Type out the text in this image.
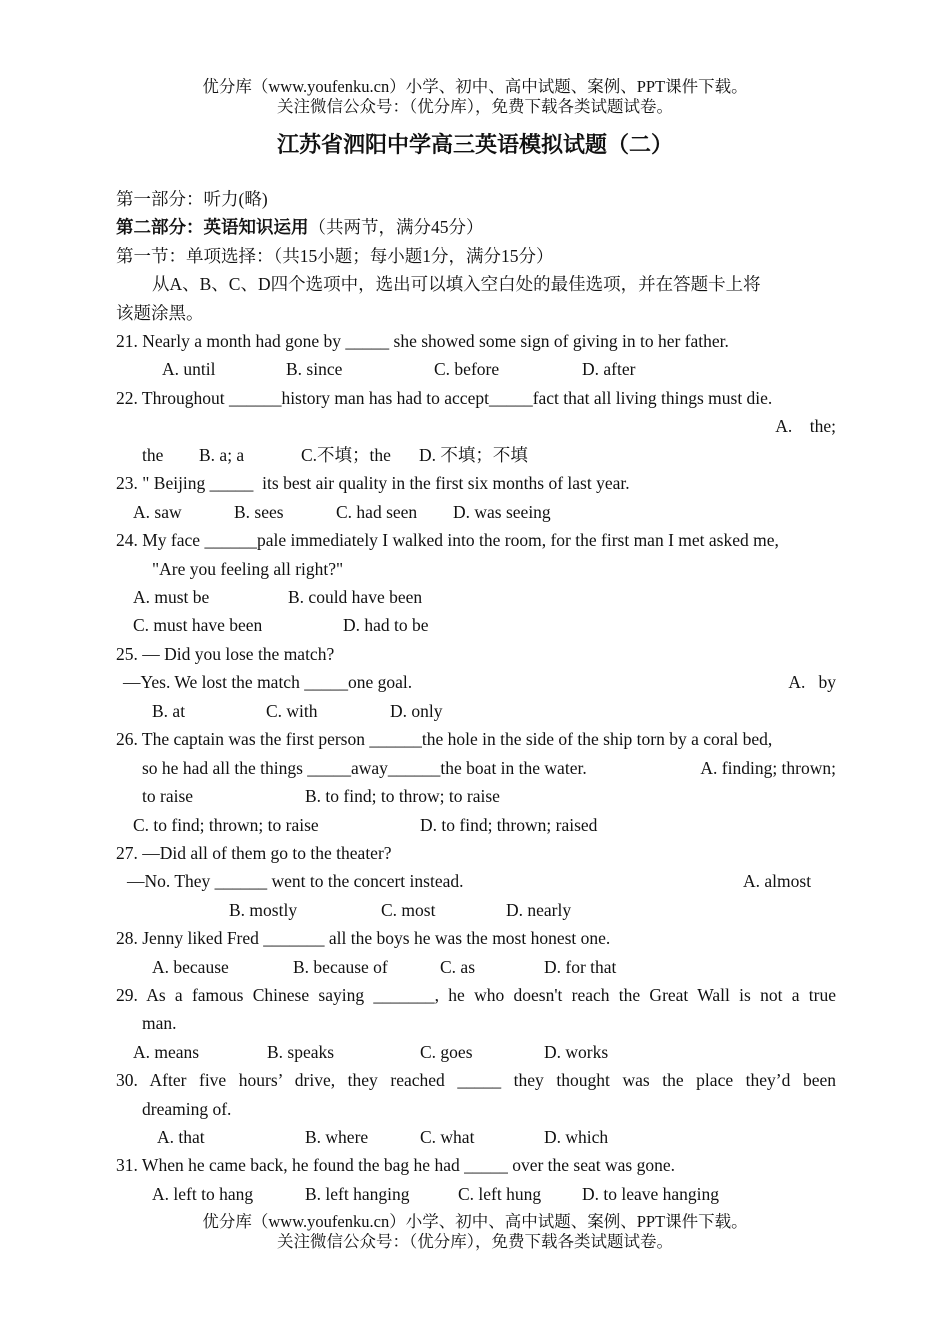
优分库（www.youfenku.cn）小学、初中、高中试题、案例、PPT课件下载。
关注微信公众号：（优分库），免费下载各类试题试卷。
江苏省泗阳中学高三英语模拟试题（二）
第一部分：听力(略)
第二部分：英语知识运用（共两节，满分45分）
第一节：单项选择：（共15小题；每小题1分，满分15分）
从A、B、C、D四个选项中，选出可以填入空白处的最佳选项，并在答题卡上将
该题涂黑。
21. Nearly a month had gone by _____ she showed some sign of giving in to her father.
A. until	B. since	C. before	D. after
22. Throughout ______history man has had to accept_____fact that all living things must die.
A.    the;
the B. a; a	C.不填；the D. 不填；不填
23. " Beijing _____  its best air quality in the first six months of last year.
A. saw	B. sees	C. had seen D. was seeing
24. My face ______pale immediately I walked into the room, for the first man I met asked me,
"Are you feeling all right?"
A. must be	B. could have been
C. must have been	D. had to be
25. — Did you lose the match?
—Yes. We lost the match _____one goal.	A.   by
B. at	C. with	D. only
26. The captain was the first person ______the hole in the side of the ship torn by a coral bed,
so he had all the things _____away______the boat in the water.	A. finding; thrown;
to raise	B. to find; to throw; to raise
C. to find; thrown; to raise	D. to find; thrown; raised
27. —Did all of them go to the theater?
—No. They ______ went to the concert instead.	A. almost
B. mostly	C. most	D. nearly
28. Jenny liked Fred _______ all the boys he was the most honest one.
A. because	B. because of	C. as	D. for that
29. As a famous Chinese saying _______, he who doesn't reach the Great Wall is not a true
man.
A. means	B. speaks	C. goes	D. works
30. After five hours’ drive, they reached _____ they thought was the place they’d been
dreaming of.
A. that	B. where	C. what	D. which
31. When he came back, he found the bag he had _____ over the seat was gone.
A. left to hang	B. left hanging	C. left hung D. to leave hanging
优分库（www.youfenku.cn）小学、初中、高中试题、案例、PPT课件下载。
关注微信公众号：（优分库），免费下载各类试题试卷。
